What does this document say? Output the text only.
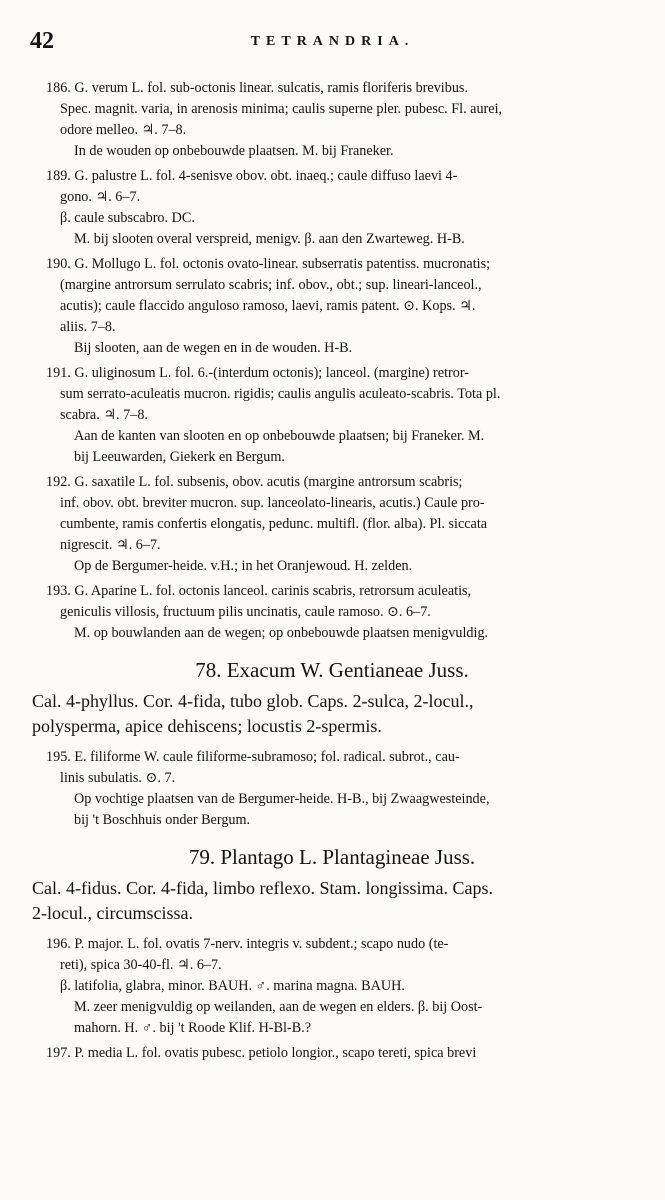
42	TETRANDRIA.
186. G. verum L. fol. sub-octonis linear. sulcatis, ramis floriferis brevibus.
Spec. magnit. varia, in arenosis minima; caulis superne pler. pubesc. Fl. aurei,
odore melleo. ♃. 7–8.
In de wouden op onbebouwde plaatsen. M. bij Franeker.
189. G. palustre L. fol. 4-senisve obov. obt. inaeq.; caule diffuso laevi 4-
gono. ♃. 6–7.
β. caule subscabro. DC.
M. bij slooten overal verspreid, menigv. β. aan den Zwarteweg. H-B.
190. G. Mollugo L. fol. octonis ovato-linear. subserratis patentiss. mucronatis;
(margine antrorsum serrulato scabris; inf. obov., obt.; sup. lineari-lanceol.,
acutis); caule flaccido anguloso ramoso, laevi, ramis patent. ⊙. Kops. ♃.
aliis. 7–8.
Bij slooten, aan de wegen en in de wouden. H-B.
191. G. uliginosum L. fol. 6.-(interdum octonis); lanceol. (margine) retror-
sum serrato-aculeatis mucron. rigidis; caulis angulis aculeato-scabris. Tota pl.
scabra. ♃. 7–8.
Aan de kanten van slooten en op onbebouwde plaatsen; bij Franeker. M.
bij Leeuwarden, Giekerk en Bergum.
192. G. saxatile L. fol. subsenis, obov. acutis (margine antrorsum scabris;
inf. obov. obt. breviter mucron. sup. lanceolato-linearis, acutis.) Caule pro-
cumbente, ramis confertis elongatis, pedunc. multifl. (flor. alba). Pl. siccata
nigrescit. ♃. 6–7.
Op de Bergumer-heide. v.H.; in het Oranjewoud. H. zelden.
193. G. Aparine L. fol. octonis lanceol. carinis scabris, retrorsum aculeatis,
geniculis villosis, fructuum pilis uncinatis, caule ramoso. ⊙. 6–7.
M. op bouwlanden aan de wegen; op onbebouwde plaatsen menigvuldig.
78. Exacum W. Gentianeae Juss.
Cal. 4-phyllus. Cor. 4-fida, tubo glob. Caps. 2-sulca, 2-locul.,
polysperma, apice dehiscens; locustis 2-spermis.
195. E. filiforme W. caule filiforme-subramoso; fol. radical. subrot., cau-
linis subulatis. ⊙. 7.
Op vochtige plaatsen van de Bergumer-heide. H-B., bij Zwaagwesteinde,
bij 't Boschhuis onder Bergum.
79. Plantago L. Plantagineae Juss.
Cal. 4-fidus. Cor. 4-fida, limbo reflexo. Stam. longissima. Caps.
2-locul., circumscissa.
196. P. major. L. fol. ovatis 7-nerv. integris v. subdent.; scapo nudo (te-
reti), spica 30-40-fl. ♃. 6–7.
β. latifolia, glabra, minor. BAUH. ♂. marina magna. BAUH.
M. zeer menigvuldig op weilanden, aan de wegen en elders. β. bij Oost-
mahorn. H. ♂. bij 't Roode Klif. H-Bl-B.?
197. P. media L. fol. ovatis pubesc. petiolo longior., scapo tereti, spica brevi
